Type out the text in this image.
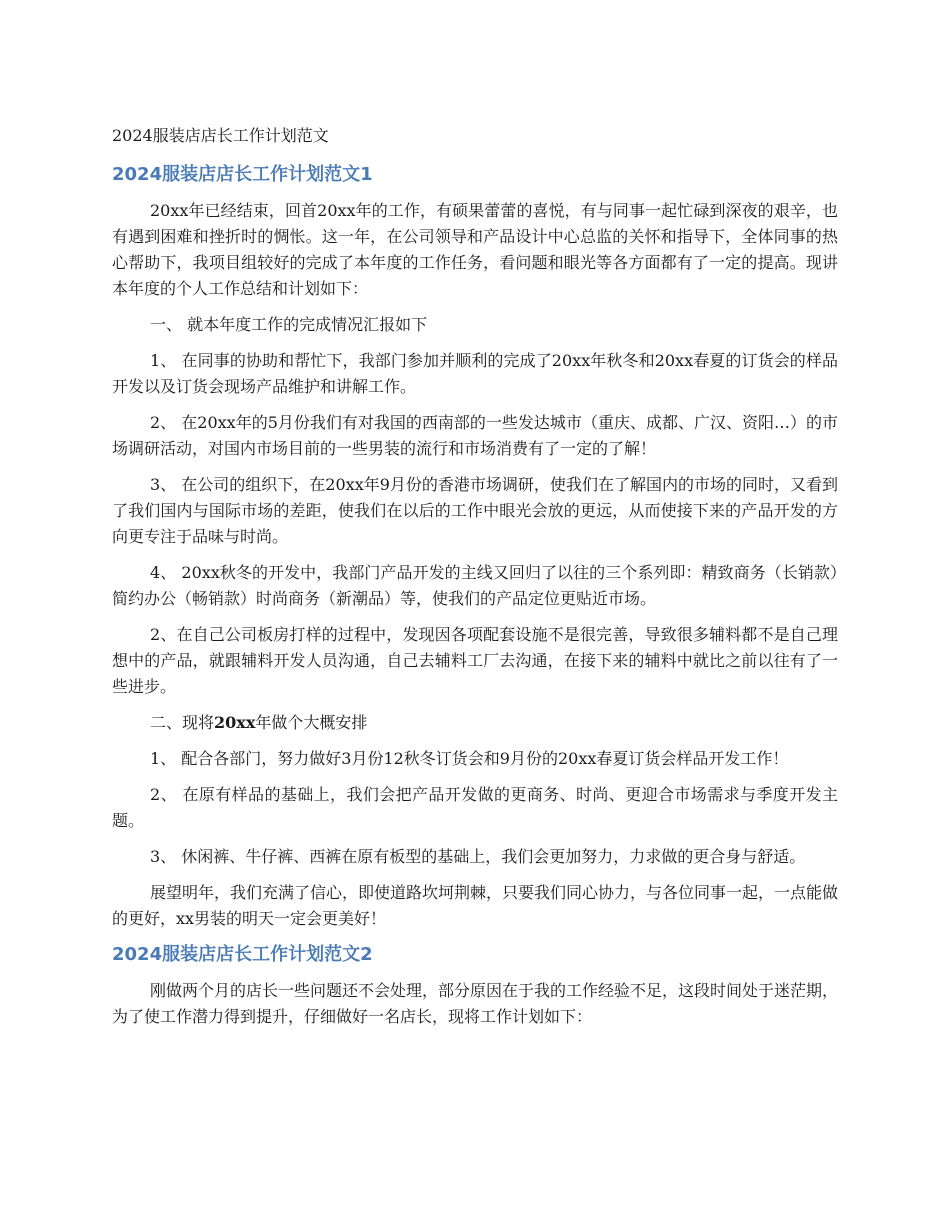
2024服装店店长工作计划范文
2024服装店店长工作计划范文1

20xx年已经结束，回首20xx年的工作，有硕果蕾蕾的喜悦，有与同事一起忙碌到深夜的艰辛，也有遇到困难和挫折时的惆怅。这一年，在公司领导和产品设计中心总监的关怀和指导下，全体同事的热心帮助下，我项目组较好的完成了本年度的工作任务，看问题和眼光等各方面都有了一定的提高。现讲本年度的个人工作总结和计划如下：

一、 就本年度工作的完成情况汇报如下

1、 在同事的协助和帮忙下，我部门参加并顺利的完成了20xx年秋冬和20xx春夏的订货会的样品开发以及订货会现场产品维护和讲解工作。

2、 在20xx年的5月份我们有对我国的西南部的一些发达城市（重庆、成都、广汉、资阳…）的市场调研活动，对国内市场目前的一些男装的流行和市场消费有了一定的了解！

3、 在公司的组织下，在20xx年9月份的香港市场调研，使我们在了解国内的市场的同时，又看到了我们国内与国际市场的差距，使我们在以后的工作中眼光会放的更远，从而使接下来的产品开发的方向更专注于品味与时尚。

4、 20xx秋冬的开发中，我部门产品开发的主线又回归了以往的三个系列即：精致商务（长销款）简约办公（畅销款）时尚商务（新潮品）等，使我们的产品定位更贴近市场。

2、在自己公司板房打样的过程中，发现因各项配套设施不是很完善，导致很多辅料都不是自己理想中的产品，就跟辅料开发人员沟通，自己去辅料工厂去沟通，在接下来的辅料中就比之前以往有了一些进步。

二、现将20xx年做个大概安排

1、 配合各部门，努力做好3月份12秋冬订货会和9月份的20xx春夏订货会样品开发工作！

2、 在原有样品的基础上，我们会把产品开发做的更商务、时尚、更迎合市场需求与季度开发主题。

3、 休闲裤、牛仔裤、西裤在原有板型的基础上，我们会更加努力，力求做的更合身与舒适。

展望明年，我们充满了信心，即使道路坎坷荆棘，只要我们同心协力，与各位同事一起，一点能做的更好，xx男装的明天一定会更美好！

2024服装店店长工作计划范文2

刚做两个月的店长一些问题还不会处理，部分原因在于我的工作经验不足，这段时间处于迷茫期，为了使工作潜力得到提升，仔细做好一名店长，现将工作计划如下：
